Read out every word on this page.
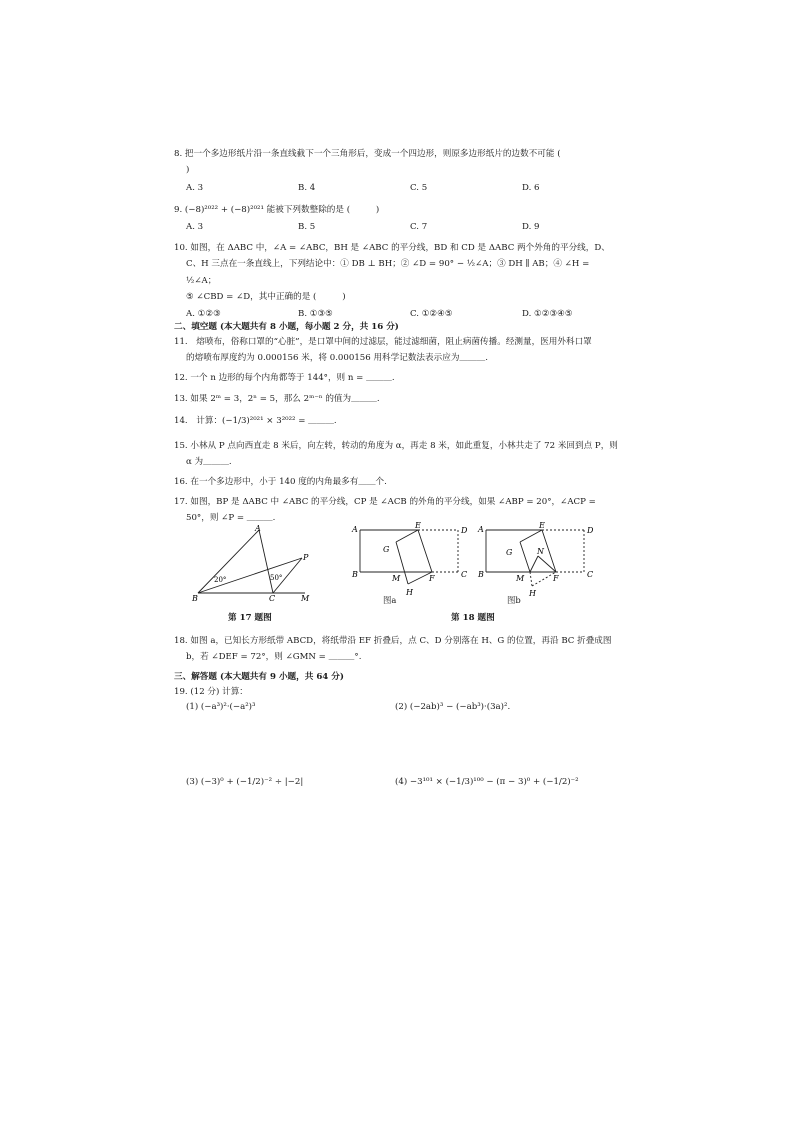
8. 把一个多边形纸片沿一条直线截下一个三角形后，变成一个四边形，则原多边形纸片的边数不可能 (
)
A. 3	B. 4	C. 5	D. 6
9. (−8)²⁰²² + (−8)²⁰²¹ 能被下列数整除的是 (　　　)
A. 3	B. 5	C. 7	D. 9
10. 如图，在 ΔABC 中，∠A = ∠ABC，BH 是 ∠ABC 的平分线，BD 和 CD 是 ΔABC 两个外角的平分线，D、
C、H 三点在一条直线上，下列结论中：① DB ⊥ BH；② ∠D = 90° − ½∠A；③ DH ∥ AB；④ ∠H = ½∠A；
⑤ ∠CBD = ∠D，其中正确的是 (　　　)
A. ①②③	B. ①③⑤	C. ①②④⑤	D. ①②③④⑤
二、填空题 (本大题共有 8 小题，每小题 2 分，共 16 分)
11.　熔喷布，俗称口罩的“心脏”，是口罩中间的过滤层，能过滤细菌，阻止病菌传播。经测量，医用外科口罩
的熔喷布厚度约为 0.000156 米，将 0.000156 用科学记数法表示应为＿＿＿.
12. 一个 n 边形的每个内角都等于 144°，则 n = ＿＿＿.
13. 如果 2ᵐ = 3，2ⁿ = 5，那么 2ᵐ⁻ⁿ 的值为＿＿＿.
14.　计算：(−1/3)²⁰²¹ × 3²⁰²² = ＿＿＿.
15. 小林从 P 点向西直走 8 米后，向左转，转动的角度为 α，再走 8 米，如此重复，小林共走了 72 米回到点 P，则
α 为＿＿＿.
16. 在一个多边形中，小于 140 度的内角最多有＿＿个.
17. 如图，BP 是 ΔABC 中 ∠ABC 的平分线，CP 是 ∠ACB 的外角的平分线，如果 ∠ABP = 20°，∠ACP =
50°，则 ∠P = ＿＿＿.
A
B	C	M
P
20°	50°
第 17 题图
A
B	C
D
E
F
G
H
M
图a
A
B	C
D
E
F
G
H
M
N
图b
第 18 题图
18. 如图 a，已知长方形纸带 ABCD，将纸带沿 EF 折叠后，点 C、D 分别落在 H、G 的位置，再沿 BC 折叠成图
b，若 ∠DEF = 72°，则 ∠GMN = ＿＿＿°.
三、解答题 (本大题共有 9 小题，共 64 分)
19. (12 分) 计算：
(1) (−a³)²·(−a²)³	(2) (−2ab)³ − (−ab³)·(3a)².
(3) (−3)⁰ + (−1/2)⁻² ÷ |−2|	(4) −3¹⁰¹ × (−1/3)¹⁰⁰ − (π − 3)⁰ + (−1/2)⁻²
